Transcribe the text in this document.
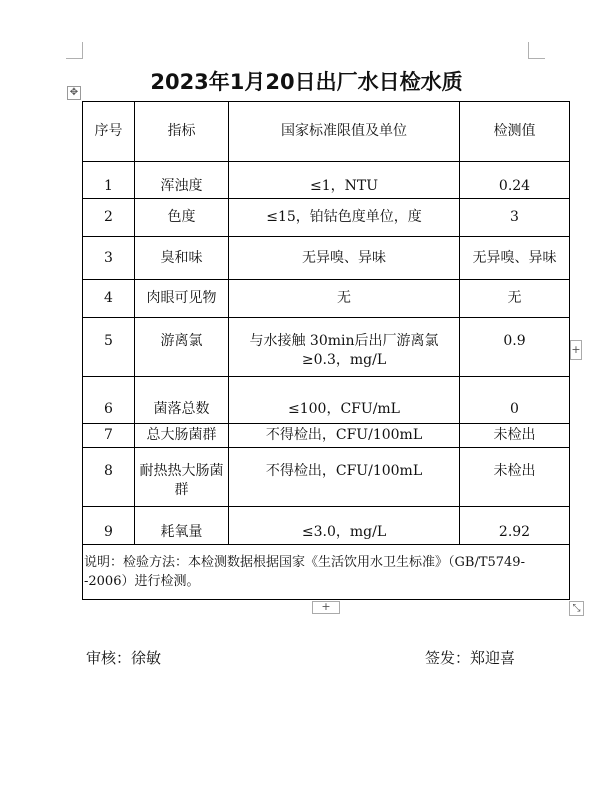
2023年1月20日出厂水日检水质
✥
序号	指标	国家标准限值及单位	检测值
1	浑浊度	≤1，NTU	0.24
2	色度	≤15，铂钴色度单位，度	3
3	臭和味	无异嗅、异味	无异嗅、异味
4	肉眼可见物	无	无
5	游离氯	与水接触 30min后出厂游离氯≥0.3，mg/L	0.9
6	菌落总数	≤100，CFU/mL	0
7	总大肠菌群	不得检出，CFU/100mL	未检出
8	耐热热大肠菌群	不得检出，CFU/100mL	未检出
9	耗氧量	≤3.0，mg/L	2.92
说明：检验方法：本检测数据根据国家《生活饮用水卫生标准》（GB/T5749--2006）进行检测。			
+
+	⤡
审核：徐敏	签发：郑迎喜
